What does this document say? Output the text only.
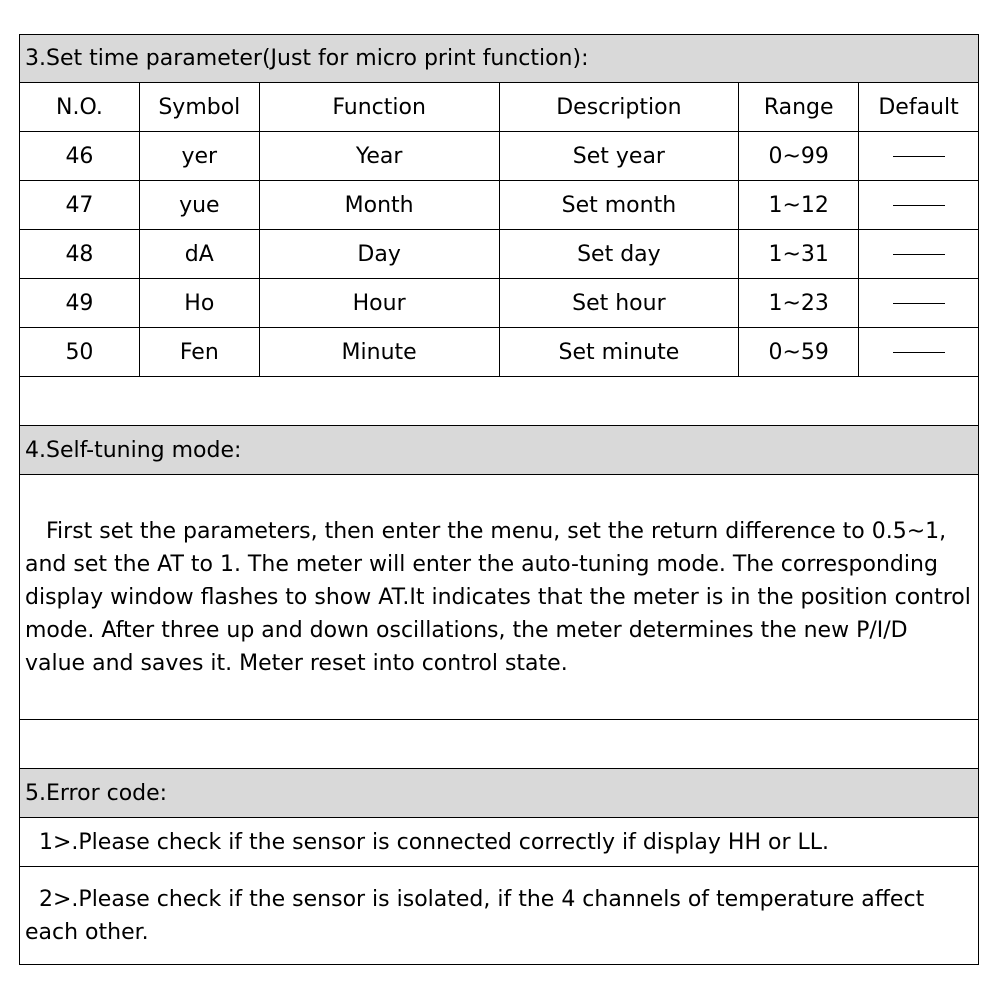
3.Set time parameter(Just for micro print function):
N.O.	Symbol	Function	Description	Range	Default
46	yer	Year	Set year	0~99
47	yue	Month	Set month	1~12
48	dA	Day	Set day	1~31
49	Ho	Hour	Set hour	1~23
50	Fen	Minute	Set minute	0~59
4.Self-tuning mode:

First set the parameters, then enter the menu, set the return difference to 0.5~1, and set the AT to 1. The meter will enter the auto-tuning mode. The corresponding display window flashes to show AT.It indicates that the meter is in the position control mode. After three up and down oscillations, the meter determines the new P/I/D value and saves it. Meter reset into control state.

5.Error code:
1>.Please check if the sensor is connected correctly if display HH or LL.

2>.Please check if the sensor is isolated, if the 4 channels of temperature affect each other.
